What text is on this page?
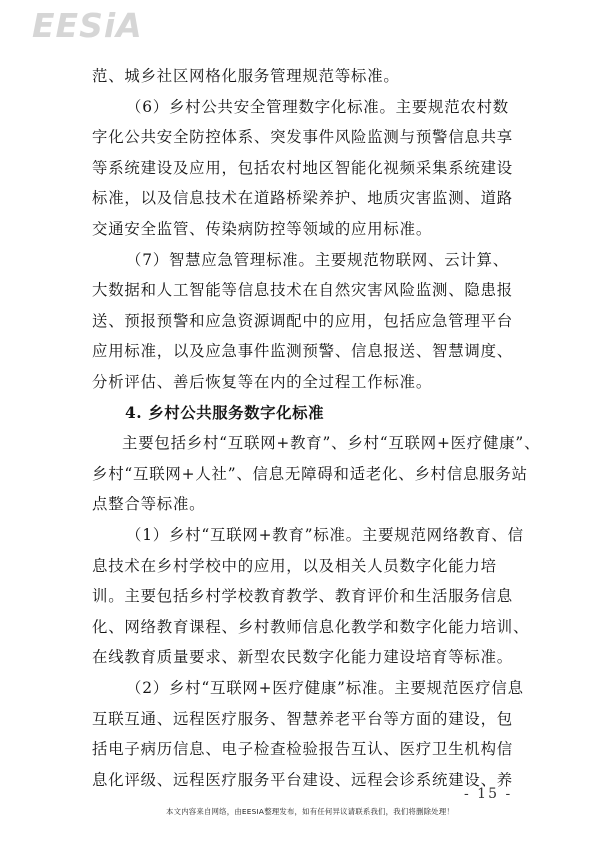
EESiA
范、城乡社区网格化服务管理规范等标准。
（6）乡村公共安全管理数字化标准。主要规范农村数
字化公共安全防控体系、突发事件风险监测与预警信息共享
等系统建设及应用，包括农村地区智能化视频采集系统建设
标准，以及信息技术在道路桥梁养护、地质灾害监测、道路
交通安全监管、传染病防控等领域的应用标准。
（7）智慧应急管理标准。主要规范物联网、云计算、
大数据和人工智能等信息技术在自然灾害风险监测、隐患报
送、预报预警和应急资源调配中的应用，包括应急管理平台
应用标准，以及应急事件监测预警、信息报送、智慧调度、
分析评估、善后恢复等在内的全过程工作标准。
4. 乡村公共服务数字化标准
主要包括乡村“互联网+教育”、乡村“互联网+医疗健康”、
乡村“互联网+人社”、信息无障碍和适老化、乡村信息服务站
点整合等标准。
（1）乡村“互联网+教育”标准。主要规范网络教育、信
息技术在乡村学校中的应用，以及相关人员数字化能力培
训。主要包括乡村学校教育教学、教育评价和生活服务信息
化、网络教育课程、乡村教师信息化教学和数字化能力培训、
在线教育质量要求、新型农民数字化能力建设培育等标准。
（2）乡村“互联网+医疗健康”标准。主要规范医疗信息
互联互通、远程医疗服务、智慧养老平台等方面的建设，包
括电子病历信息、电子检查检验报告互认、医疗卫生机构信
息化评级、远程医疗服务平台建设、远程会诊系统建设、养
- 15 -
本文内容来自网络，由EESIA整理发布，如有任何异议请联系我们，我们将删除处理！
